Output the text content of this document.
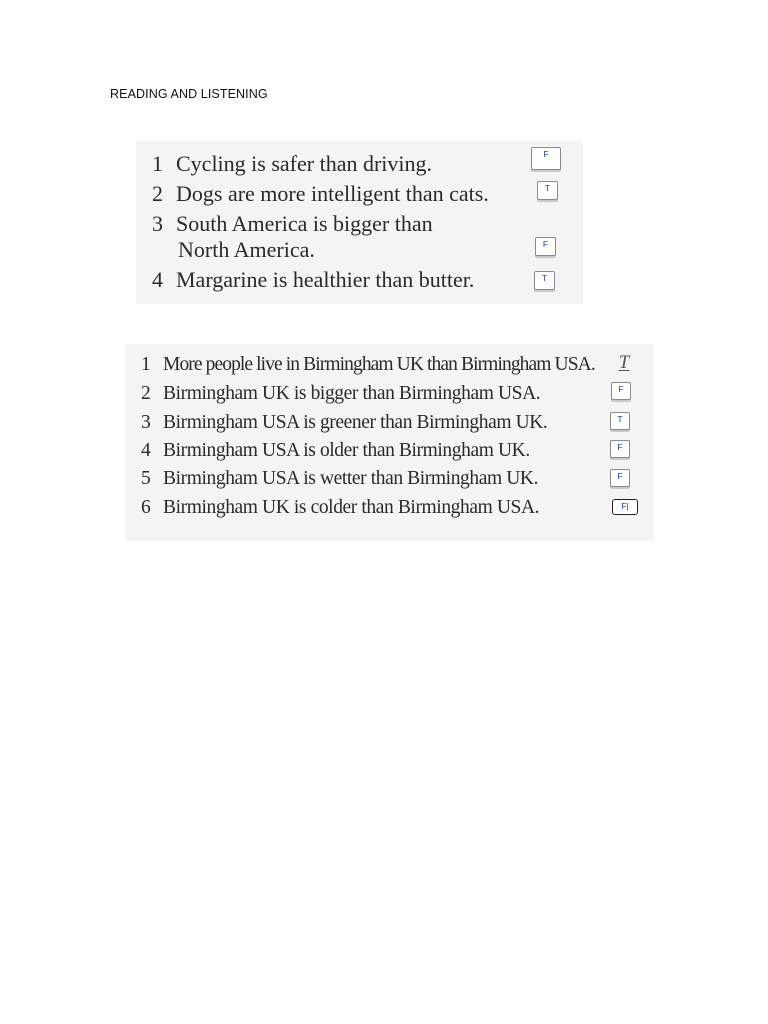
READING AND LISTENING
1 Cycling is safer than driving.
2 Dogs are more intelligent than cats.
3 South America is bigger than
North America.
4 Margarine is healthier than butter.
F
T
F
T
1 More people live in Birmingham UK than Birmingham USA.
2 Birmingham UK is bigger than Birmingham USA.
3 Birmingham USA is greener than Birmingham UK.
4 Birmingham USA is older than Birmingham UK.
5 Birmingham USA is wetter than Birmingham UK.
6 Birmingham UK is colder than Birmingham USA.
T
F
T
F
F
F|
